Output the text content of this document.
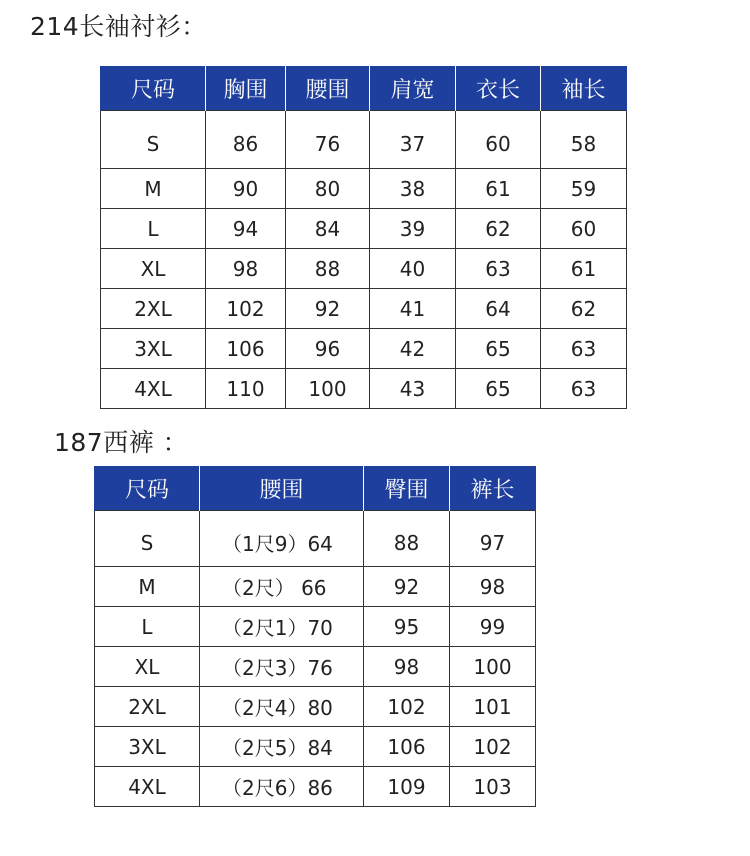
214长袖衬衫：
尺码	胸围	腰围	肩宽	衣长	袖长
S	86	76	37	60	58
M	90	80	38	61	59
L	94	84	39	62	60
XL	98	88	40	63	61
2XL	102	92	41	64	62
3XL	106	96	42	65	63
4XL	110	100	43	65	63
187西裤 ：
尺码	腰围	臀围	裤长
S	（1尺9）64	88	97
M	（2尺） 66	92	98
L	（2尺1）70	95	99
XL	（2尺3）76	98	100
2XL	（2尺4）80	102	101
3XL	（2尺5）84	106	102
4XL	（2尺6）86	109	103
